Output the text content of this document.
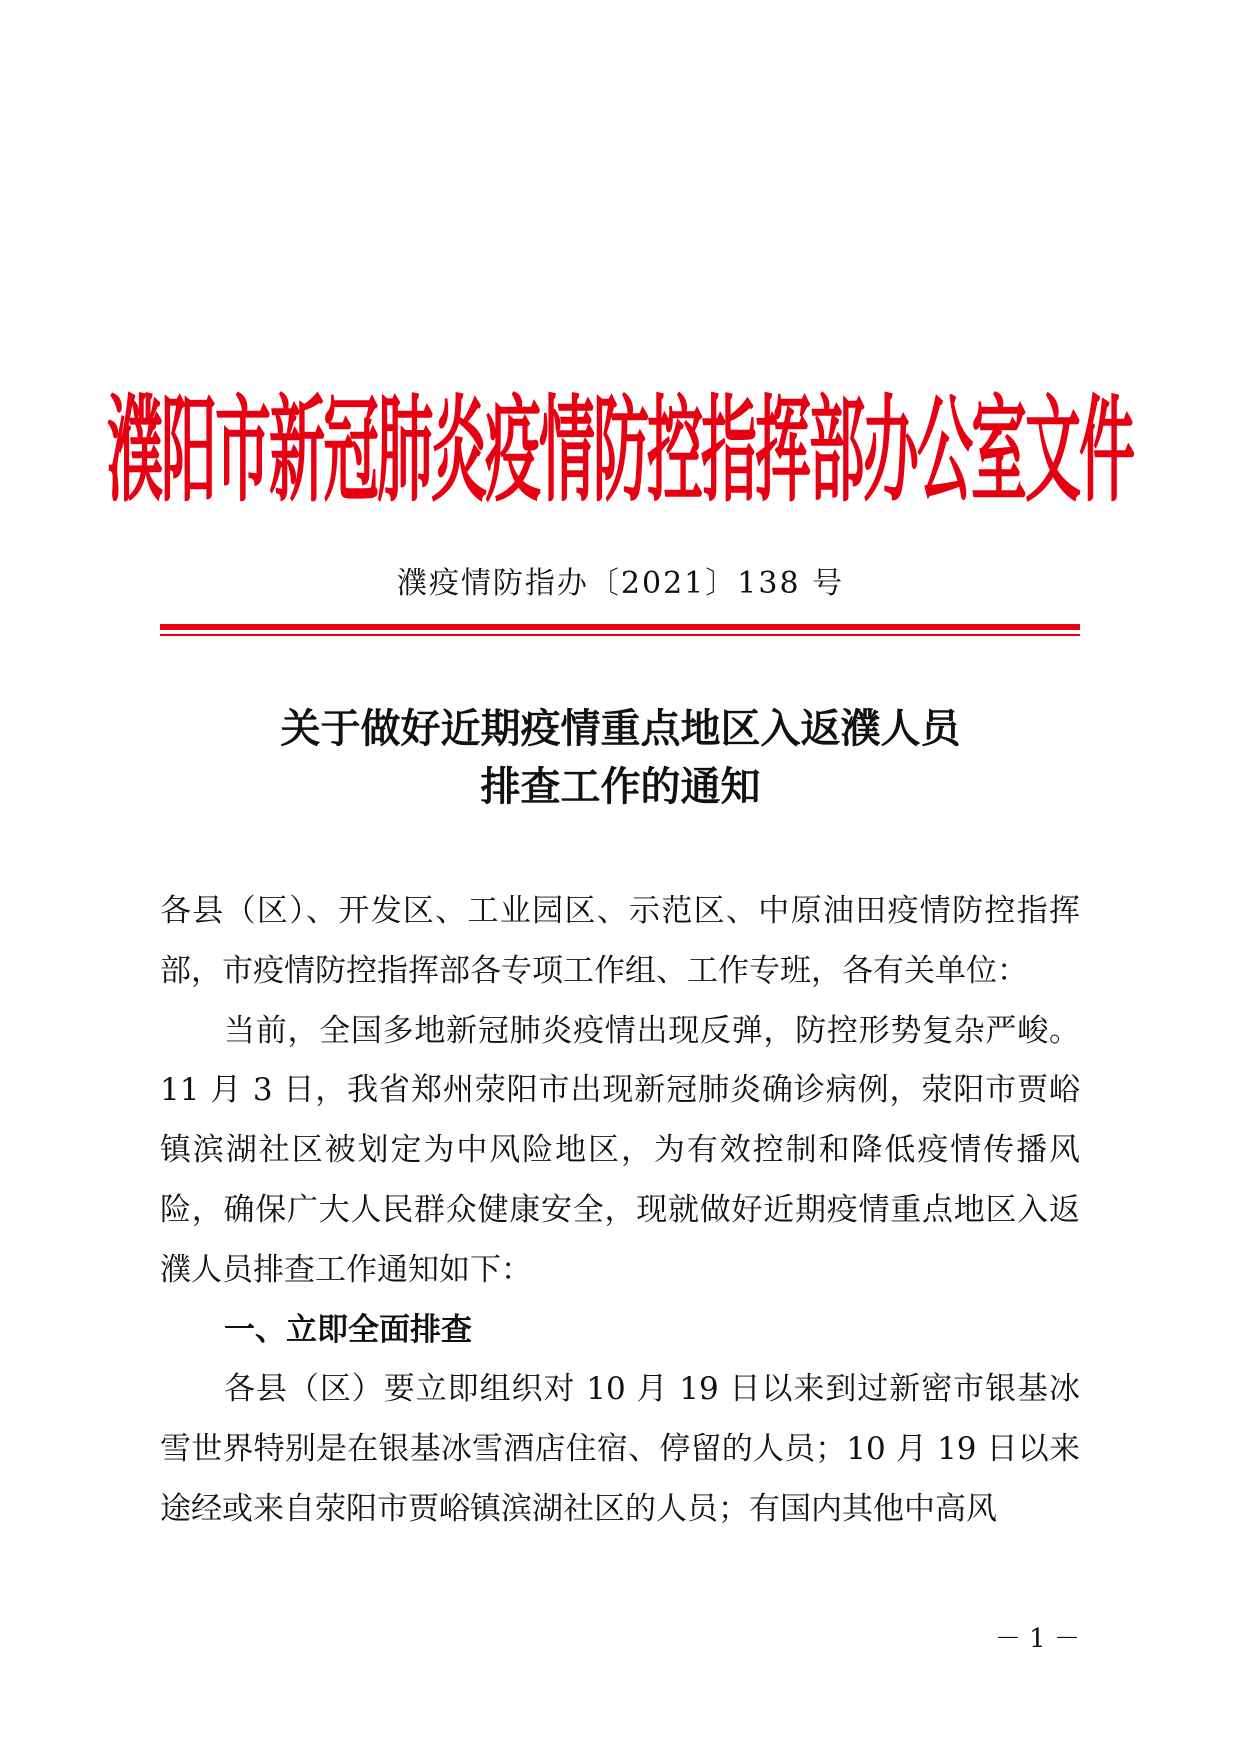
濮阳市新冠肺炎疫情防控指挥部办公室文件
濮疫情防指办〔2021〕138 号
关于做好近期疫情重点地区入返濮人员
排查工作的通知

各县（区）、开发区、工业园区、示范区、中原油田疫情防控指挥部，市疫情防控指挥部各专项工作组、工作专班，各有关单位：

当前，全国多地新冠肺炎疫情出现反弹，防控形势复杂严峻。11 月 3 日，我省郑州荥阳市出现新冠肺炎确诊病例，荥阳市贾峪镇滨湖社区被划定为中风险地区，为有效控制和降低疫情传播风险，确保广大人民群众健康安全，现就做好近期疫情重点地区入返濮人员排查工作通知如下：

一、立即全面排查

各县（区）要立即组织对 10 月 19 日以来到过新密市银基冰雪世界特别是在银基冰雪酒店住宿、停留的人员；10 月 19 日以来途经或来自荥阳市贾峪镇滨湖社区的人员；有国内其他中高风

－ 1 －
